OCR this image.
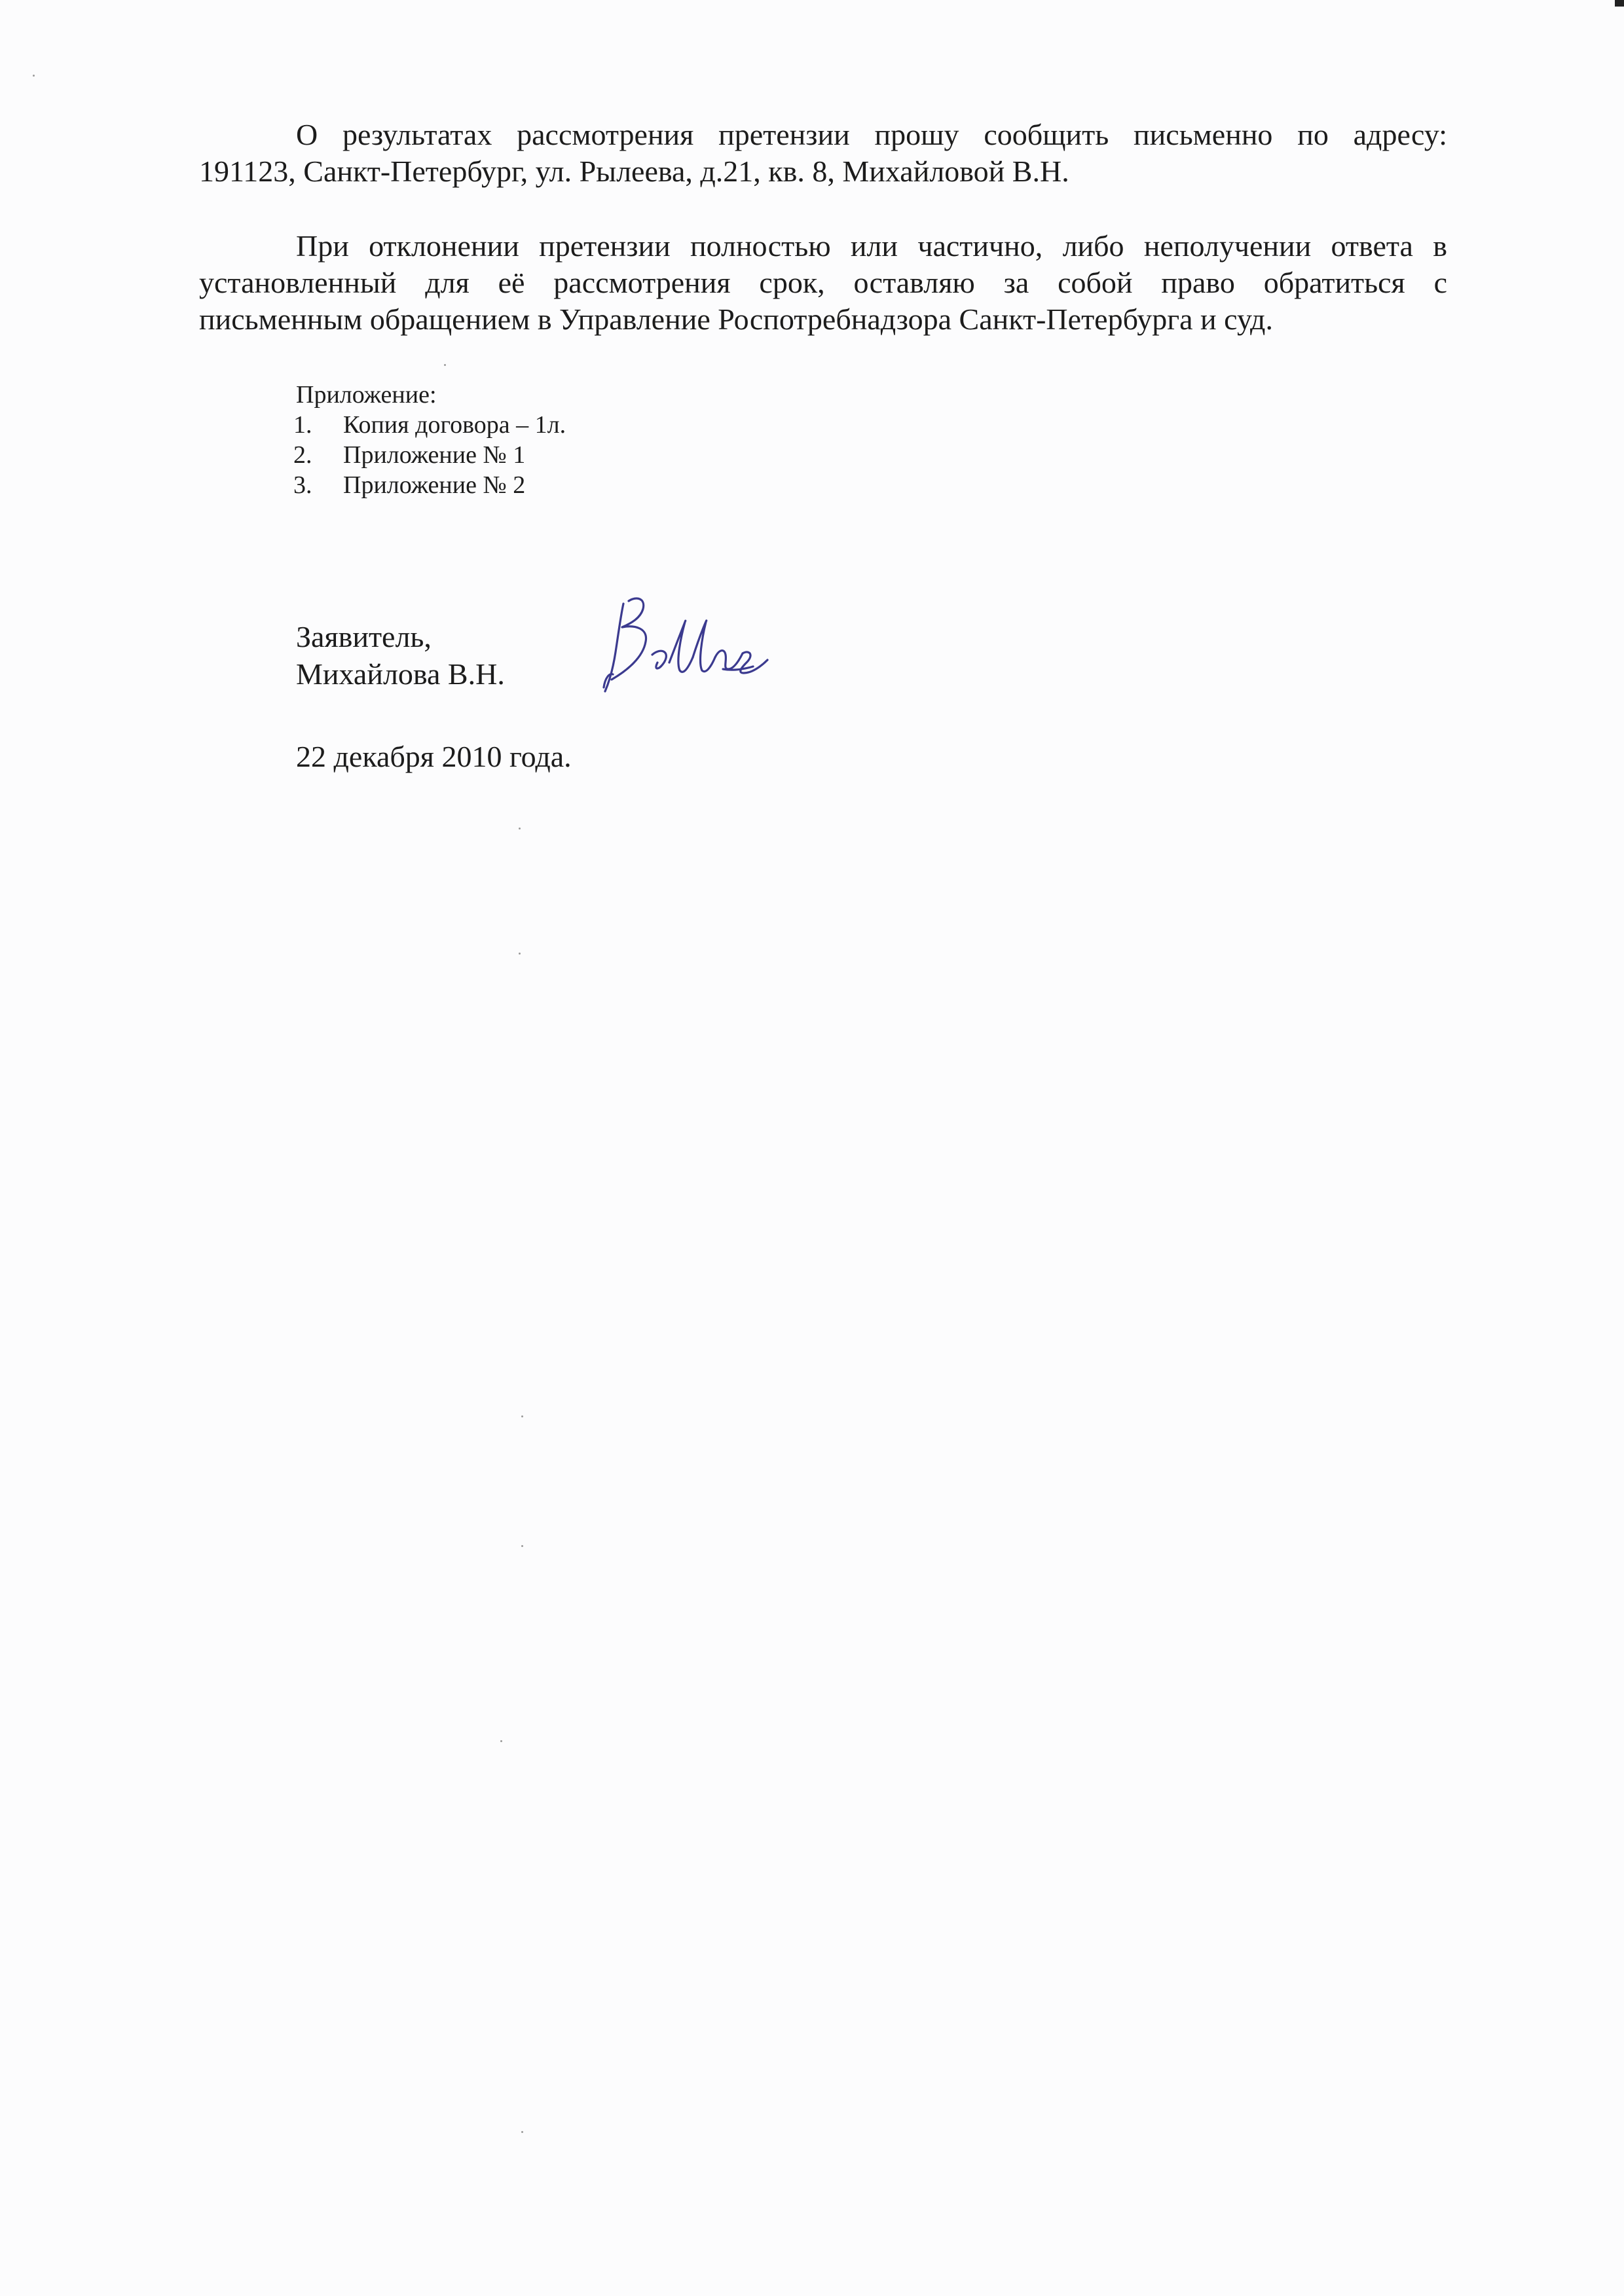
О результатах рассмотрения претензии прошу сообщить письменно по адресу:
191123, Санкт-Петербург, ул. Рылеева, д.21, кв. 8, Михайловой В.Н.

При отклонении претензии полностью или частично, либо неполучении ответа в
установленный для её рассмотрения срок, оставляю за собой право обратиться с
письменным обращением в Управление Роспотребнадзора Санкт-Петербурга и суд.

Приложение:
1. Копия договора – 1л.
2. Приложение № 1
3. Приложение № 2
Заявитель,
Михайлова В.Н.
22 декабря 2010 года.
